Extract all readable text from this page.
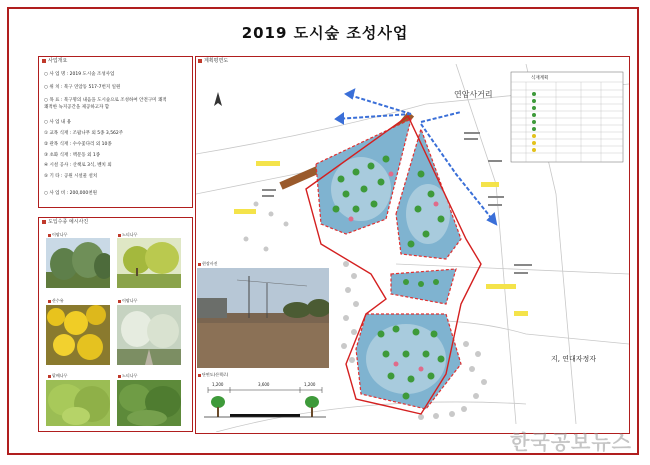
2019 도시숲 조성사업
사업개요
○ 사 업 명 : 2019 도시숲 조성사업
○ 위 치 : 북구 연암동 517-7번지 일원
○ 목 표 : 북구명의 내음을 도시숲으로 조성하여 안전구미 쾌적
쾌적한 녹지공간을 제공하고자 함
○ 사 업 내 용
① 교목 식재 : 조팝나무 외 5종 3,562주
② 관목 식재 : 수수꽃다리 외 10종
③ 초화 식재 : 맥문동 외 1종
④ 시설 공사 : 산책로 3식, 벤치 외
⑤ 기 타 : 공원 시설물 설치
○ 사 업 비 : 200,000천원
도입수종 예시사진
이팝나무	느티나무
산수유	이팝나무
팥배나무	느티나무
계획평면도
연암사거리
지, 연대자정자
식재계획
현장사진
단면도(산책로)
1,200	3,600	1,200
한국공보뉴스
